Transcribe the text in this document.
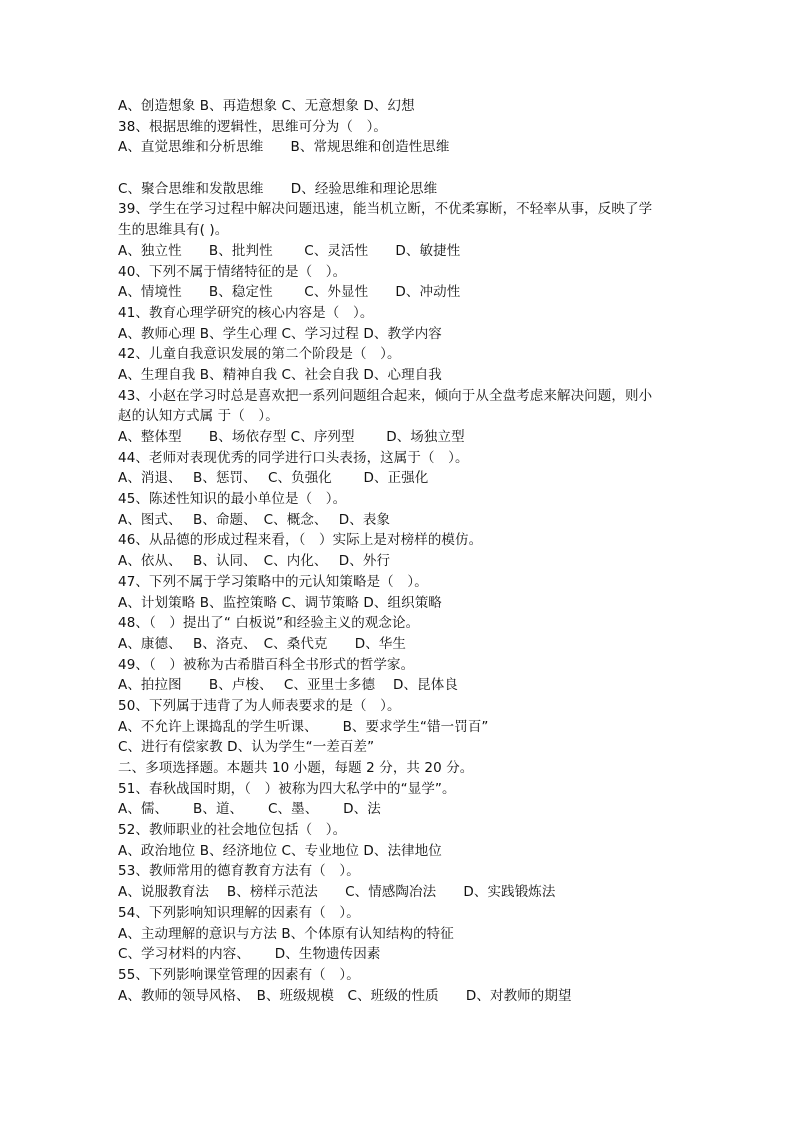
A、创造想象 B、再造想象 C、无意想象 D、幻想
38、根据思维的逻辑性，思维可分为（　）。
A、直觉思维和分析思维　　B、常规思维和创造性思维
C、聚合思维和发散思维　　D、经验思维和理论思维
39、学生在学习过程中解决问题迅速，能当机立断，不优柔寡断，不轻率从事，反映了学
生的思维具有( )。
A、独立性　　B、批判性　　 C、灵活性　　D、敏捷性
40、下列不属于情绪特征的是（　）。
A、情境性　　B、稳定性　　 C、外显性　　D、冲动性
41、教育心理学研究的核心内容是（　）。
A、教师心理 B、学生心理 C、学习过程 D、教学内容
42、儿童自我意识发展的第二个阶段是（　）。
A、生理自我 B、精神自我 C、社会自我 D、心理自我
43、小赵在学习时总是喜欢把一系列问题组合起来，倾向于从全盘考虑来解决问题，则小
赵的认知方式属 于（　）。
A、整体型　　B、场依存型 C、序列型　　 D、场独立型
44、老师对表现优秀的同学进行口头表扬，这属于（　）。
A、消退、　 B、惩罚、　 C、负强化　　 D、正强化
45、陈述性知识的最小单位是（　）。
A、图式、　 B、命题、　C、概念、　 D、表象
46、从品德的形成过程来看，（　）实际上是对榜样的模仿。
A、依从、　 B、认同、　C、内化、　 D、外行
47、下列不属于学习策略中的元认知策略是（　）。
A、计划策略 B、监控策略 C、调节策略 D、组织策略
48、（　）提出了“ 白板说”和经验主义的观念论。
A、康德、　 B、洛克、　C、桑代克　　D、华生
49、（　）被称为古希腊百科全书形式的哲学家。
A、拍拉图　　B、卢梭、　 C、亚里士多德　 D、昆体良
50、下列属于违背了为人师表要求的是（　）。
A、不允许上课捣乱的学生听课、　　 B、要求学生“错一罚百”
C、进行有偿家教 D、认为学生“一差百差”
二、多项选择题。本题共 10 小题，每题 2 分，共 20 分。
51、春秋战国时期，（　）被称为四大私学中的“显学”。
A、儒、　　 B、道、　　 C、墨、　　 D、法
52、教师职业的社会地位包括（　）。
A、政治地位 B、经济地位 C、专业地位 D、法律地位
53、教师常用的德育教育方法有（　）。
A、说服教育法　 B、榜样示范法　　C、情感陶冶法　　D、实践锻炼法
54、下列影响知识理解的因素有（　）。
A、主动理解的意识与方法 B、个体原有认知结构的特征
C、学习材料的内容、　　 D、生物遗传因素
55、下列影响课堂管理的因素有（　）。
A、教师的领导风格、　B、班级规模　C、班级的性质　　D、对教师的期望
